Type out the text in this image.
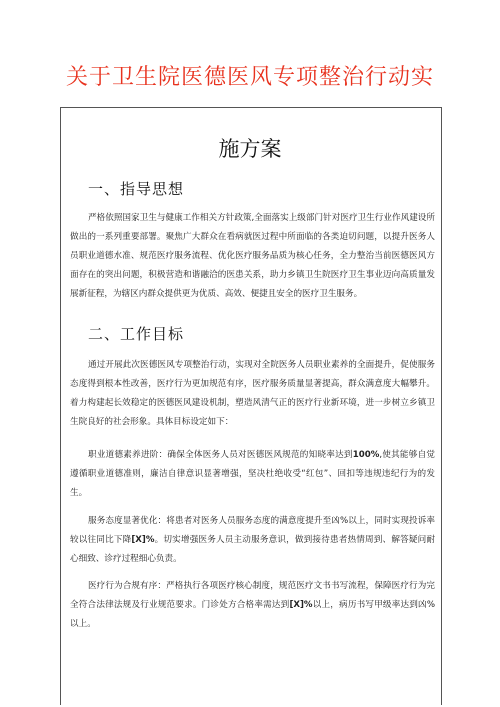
关于卫生院医德医风专项整治行动实
施方案
一、指导思想
严格依照国家卫生与健康工作相关方针政策,全面落实上级部门针对医疗卫生行业作风建设所做出的一系列重要部署。聚焦广大群众在看病就医过程中所面临的各类迫切问题，以提升医务人员职业道德水准、规范医疗服务流程、优化医疗服务品质为核心任务，全力整治当前医德医风方面存在的突出问题，积极营造和谐融洽的医患关系，助力乡镇卫生院医疗卫生事业迈向高质量发展新征程，为辖区内群众提供更为优质、高效、便捷且安全的医疗卫生服务。
二、工作目标
通过开展此次医德医风专项整治行动，实现对全院医务人员职业素养的全面提升，促使服务态度得到根本性改善，医疗行为更加规范有序，医疗服务质量显著提高，群众满意度大幅攀升。着力构建起长效稳定的医德医风建设机制，塑造风清气正的医疗行业新环境，进一步树立乡镇卫生院良好的社会形象。具体目标设定如下：
职业道德素养进阶：确保全体医务人员对医德医风规范的知晓率达到100%,使其能够自觉遵循职业道德准则，廉洁自律意识显著增强，坚决杜绝收受“红包”、回扣等违规违纪行为的发生。
服务态度显著优化：将患者对医务人员服务态度的满意度提升至凶%以上，同时实现投诉率较以往同比下降[X]%。切实增强医务人员主动服务意识，做到接待患者热情周到、解答疑问耐心细致、诊疗过程细心负责。
医疗行为合规有序：严格执行各项医疗核心制度，规范医疗文书书写流程，保障医疗行为完全符合法律法规及行业规范要求。门诊处方合格率需达到[X]%以上，病历书写甲级率达到凶%以上。
